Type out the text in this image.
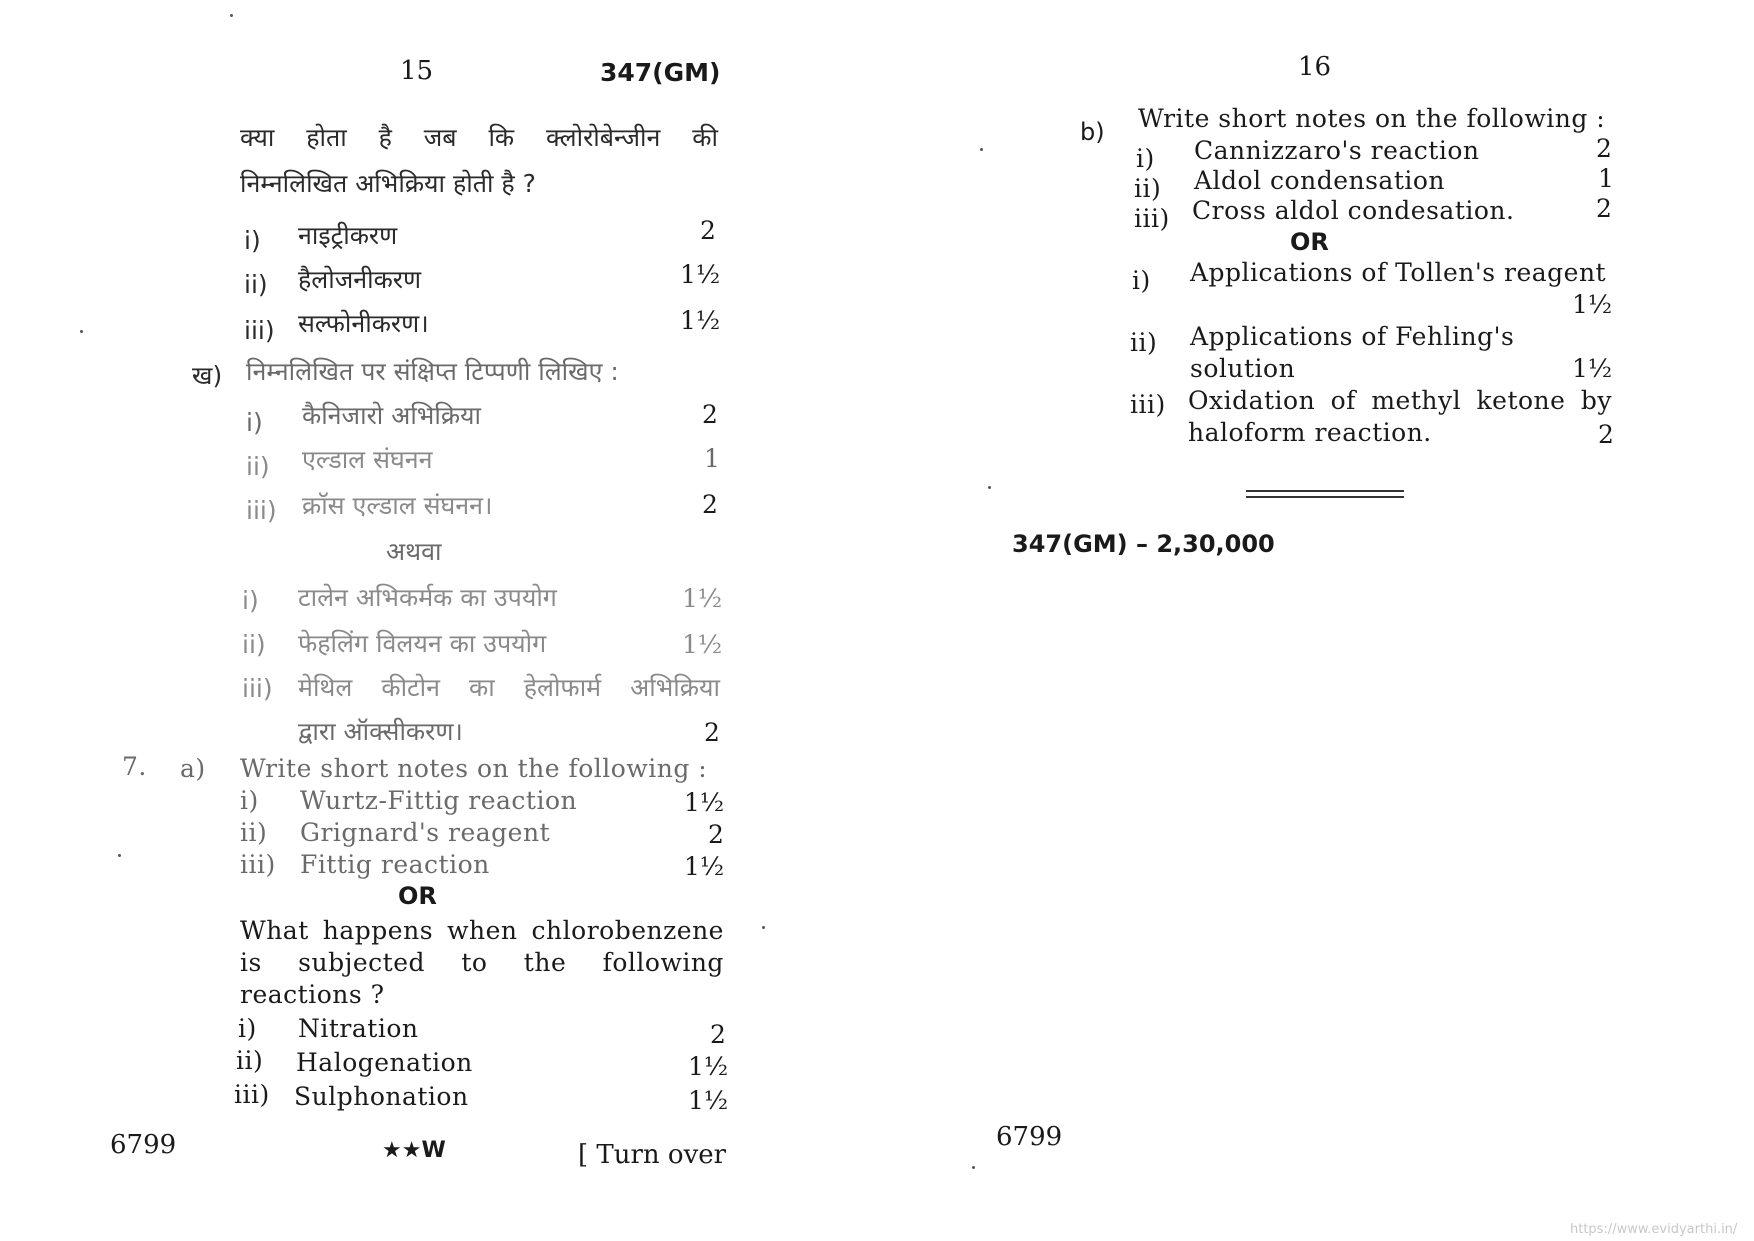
15	347(GM)
क्या होता है जब कि क्लोरोबेन्जीन की
निम्नलिखित अभिक्रिया होती है ?
i) नाइट्रीकरण	2
ii) हैलोजनीकरण	1½
iii) सल्फोनीकरण।	1½
ख) निम्नलिखित पर संक्षिप्त टिप्पणी लिखिए :
i) कैनिजारो अभिक्रिया	2
ii) एल्डाल संघनन	1
iii) क्रॉस एल्डाल संघनन।	2
अथवा
i) टालेन अभिकर्मक का उपयोग	1½
ii) फेहलिंग विलयन का उपयोग	1½
iii) मेथिल कीटोन का हेलोफार्म अभिक्रिया
द्वारा ऑक्सीकरण।	2
7. a) Write short notes on the following :
i) Wurtz-Fittig reaction	1½
ii) Grignard's reagent	2
iii) Fittig reaction	1½
OR
What happens when chlorobenzene
is subjected to the following
reactions ?
i) Nitration	2
ii) Halogenation	1½
iii) Sulphonation	1½
6799	★★W	[ Turn over
16
b) Write short notes on the following :
i) Cannizzaro's reaction	2
ii) Aldol condensation	1
iii) Cross aldol condesation.	2
OR
i) Applications of Tollen's reagent
1½
ii) Applications of Fehling's
solution	1½
iii) Oxidation of methyl ketone by
haloform reaction.	2
347(GM) – 2,30,000
6799
https://www.evidyarthi.in/
